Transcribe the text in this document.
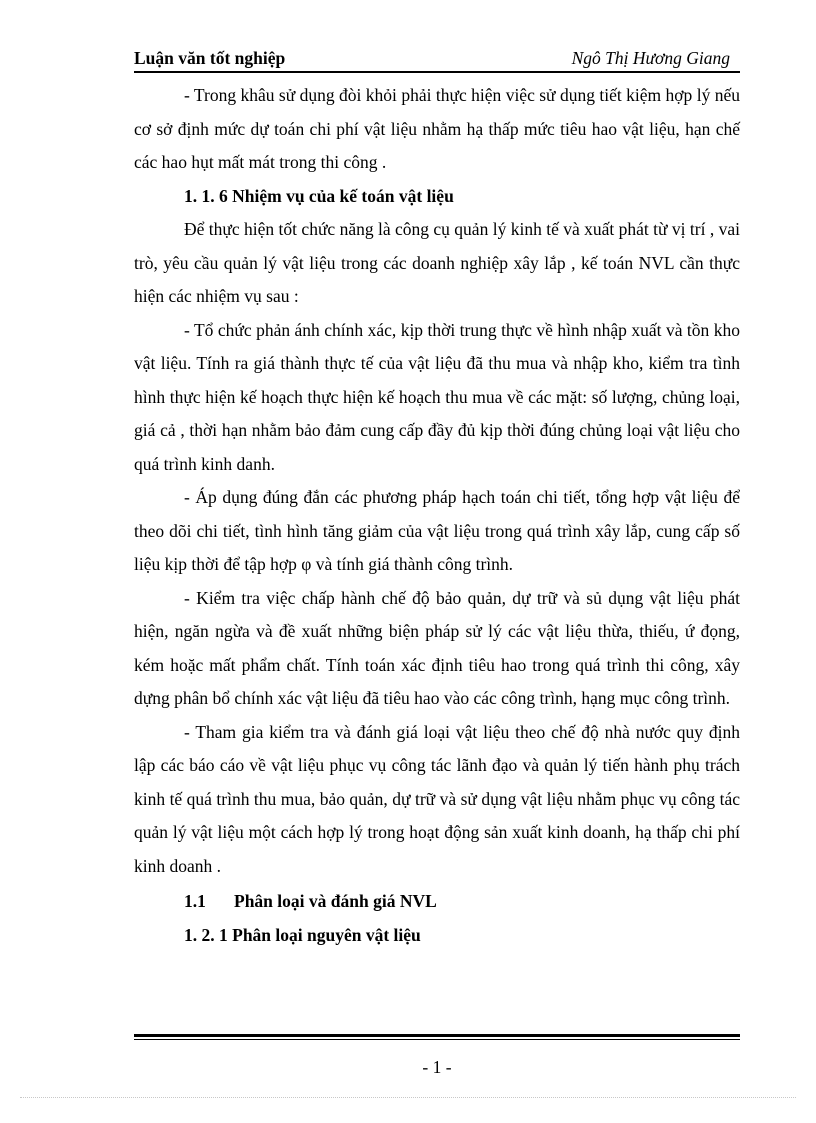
Luận văn tốt nghiệp	Ngô Thị Hương Giang

- Trong khâu sử dụng đòi khỏi phải thực hiện việc sử dụng tiết kiệm hợp lý nếu cơ sở định mức dự toán chi phí vật liệu nhằm hạ thấp mức tiêu hao vật liệu, hạn chế các hao hụt mất mát trong thi công .

1. 1. 6 Nhiệm vụ của kế toán vật liệu

Để thực hiện tốt chức năng là công cụ quản lý kinh tế và xuất phát từ vị trí , vai trò, yêu cầu quản lý vật liệu trong các doanh nghiệp xây lắp , kế toán NVL cần thực hiện các nhiệm vụ sau :

- Tổ chức phản ánh chính xác, kịp thời trung thực về hình nhập xuất và tồn kho vật liệu. Tính ra giá thành thực tế của vật liệu đã thu mua và nhập kho, kiểm tra tình hình thực hiện kế hoạch thực hiện kế hoạch thu mua về các mặt: số lượng, chủng loại, giá cả , thời hạn nhằm bảo đảm cung cấp đầy đủ kịp thời đúng chủng loại vật liệu cho quá trình kinh danh.

- Áp dụng đúng đắn các phương pháp hạch toán chi tiết, tổng hợp vật liệu để theo dõi chi tiết, tình hình tăng giảm của vật liệu trong quá trình xây lắp, cung cấp số liệu kịp thời để tập hợp φ và tính giá thành công trình.

- Kiểm tra việc chấp hành chế độ bảo quản, dự trữ và sủ dụng vật liệu phát hiện, ngăn ngừa và đề xuất những biện pháp sử lý các vật liệu thừa, thiếu, ứ đọng, kém hoặc mất phẩm chất. Tính toán xác định tiêu hao trong quá trình thi công, xây dựng phân bổ chính xác vật liệu đã tiêu hao vào các công trình, hạng mục công trình.

- Tham gia kiểm tra và đánh giá loại vật liệu theo chế độ nhà nước quy định lập các báo cáo về vật liệu phục vụ công tác lãnh đạo và quản lý tiến hành phụ trách kinh tế quá trình thu mua, bảo quản, dự trữ và sử dụng vật liệu nhằm phục vụ công tác quản lý vật liệu một cách hợp lý trong hoạt động sản xuất kinh doanh, hạ thấp chi phí kinh doanh .

1.1 Phân loại và đánh giá NVL

1. 2. 1 Phân loại nguyên vật liệu

- 1 -
